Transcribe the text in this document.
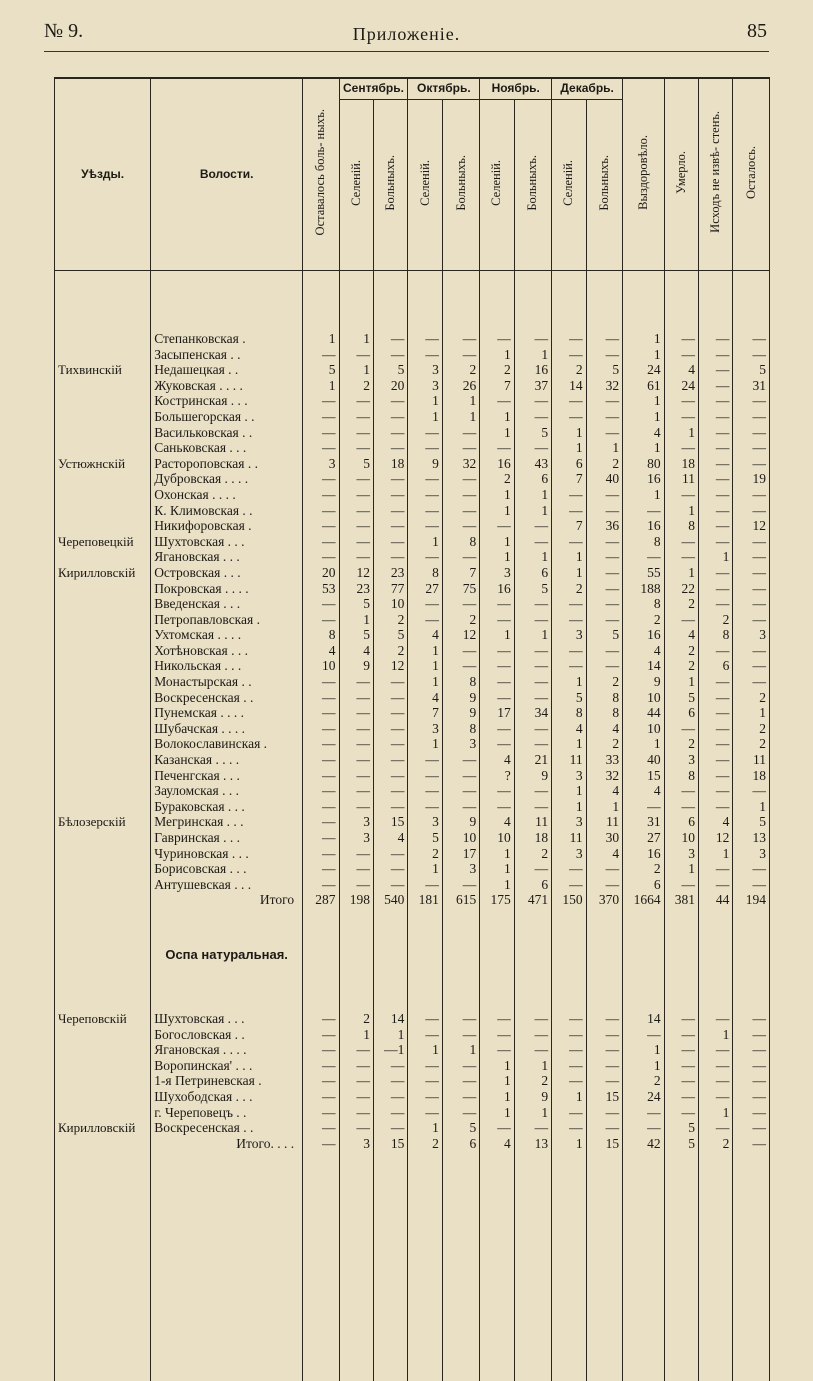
№ 9.	Приложенiе.	85
Уѣзды.	Волости.	Оставалось боль- ныхъ.	Сентябрь.		Октябрь.		Ноябрь.		Декабрь.		Выздоровѣло.	Умерло.	Исходъ не извѣ- стенъ.	Осталось.
			Селенiй.	Больныхъ.	Селенiй.	Больныхъ.	Селенiй.	Больныхъ.	Селенiй.	Больныхъ.				

	Степанковская .	1	1	—	—	—	—	—	—	—	1	—	—	—
	Засыпенская . .	—	—	—	—	—	1	1	—	—	1	—	—	—
Тихвинскiй	Недашецкая . .	5	1	5	3	2	2	16	2	5	24	4	—	5
	Жуковская . . . .	1	2	20	3	26	7	37	14	32	61	24	—	31
	Костринская . . .	—	—	—	1	1	—	—	—	—	1	—	—	—
	Большегорская . .	—	—	—	1	1	1	—	—	—	1	—	—	—
	Васильковская . .	—	—	—	—	—	1	5	1	—	4	1	—	—
	Саньковская . . .	—	—	—	—	—	—	—	1	1	1	—	—	—
Устюжнскiй	Растороповская . .	3	5	18	9	32	16	43	6	2	80	18	—	—
	Дубровская . . . .	—	—	—	—	—	2	6	7	40	16	11	—	19
	Охонская . . . .	—	—	—	—	—	1	1	—	—	1	—	—	—
	К. Климовская . .	—	—	—	—	—	1	1	—	—	—	1	—	—
	Никифоровская .	—	—	—	—	—	—	—	7	36	16	8	—	12
Череповецкiй	Шухтовская . . .	—	—	—	1	8	1	—	—	—	8	—	—	—
	Ягановская . . .	—	—	—	—	—	1	1	1	—	—	—	1	—
Кирилловскiй	Островская . . .	20	12	23	8	7	3	6	1	—	55	1	—	—
	Покровская . . . .	53	23	77	27	75	16	5	2	—	188	22	—	—
	Введенская . . .	—	5	10	—	—	—	—	—	—	8	2	—	—
	Петропавловская .	—	1	2	—	2	—	—	—	—	2	—	2	—
	Ухтомская . . . .	8	5	5	4	12	1	1	3	5	16	4	8	3
	Хотѣновская . . .	4	4	2	1	—	—	—	—	—	4	2	—	—
	Никольская . . .	10	9	12	1	—	—	—	—	—	14	2	6	—
	Монастырская . .	—	—	—	1	8	—	—	1	2	9	1	—	—
	Воскресенская . .	—	—	—	4	9	—	—	5	8	10	5	—	2
	Пунемская . . . .	—	—	—	7	9	17	34	8	8	44	6	—	1
	Шубачская . . . .	—	—	—	3	8	—	—	4	4	10	—	—	2
	Волокославинская .	—	—	—	1	3	—	—	1	2	1	2	—	2
	Казанская . . . .	—	—	—	—	—	4	21	11	33	40	3	—	11
	Печенгская . . .	—	—	—	—	—	?	9	3	32	15	8	—	18
	Зауломская . . .	—	—	—	—	—	—	—	1	4	4	—	—	—
	Бураковская . . .	—	—	—	—	—	—	—	1	1	—	—	—	1
Бѣлозерскiй	Мегринская . . .	—	3	15	3	9	4	11	3	11	31	6	4	5
	Гавринская . . .	—	3	4	5	10	10	18	11	30	27	10	12	13
	Чуриновская . . .	—	—	—	2	17	1	2	3	4	16	3	1	3
	Борисовская . . .	—	—	—	1	3	1	—	—	—	2	1	—	—
	Антушевская . . .	—	—	—	—	—	1	6	—	—	6	—	—	—
	Итого	287	198	540	181	615	175	471	150	370	1664	381	44	194

	Оспа натуральная.													

Череповскiй	Шухтовская . . .	—	2	14	—	—	—	—	—	—	14	—	—	—
	Богословская . .	—	1	1	—	—	—	—	—	—	—	—	1	—
	Ягановская . . . .	—	—	—1	1	1	—	—	—	—	1	—	—	—
	Воропинская' . . .	—	—	—	—	—	1	1	—	—	1	—	—	—
	1-я Петриневская .	—	—	—	—	—	1	2	—	—	2	—	—	—
	Шухободская . . .	—	—	—	—	—	1	9	1	15	24	—	—	—
	г. Череповецъ . .	—	—	—	—	—	1	1	—	—	—	—	1	—
Кирилловскiй	Воскресенская . .	—	—	—	1	5	—	—	—	—	—	5	—	—
	Итого. . . .	—	3	15	2	6	4	13	1	15	42	5	2	—
